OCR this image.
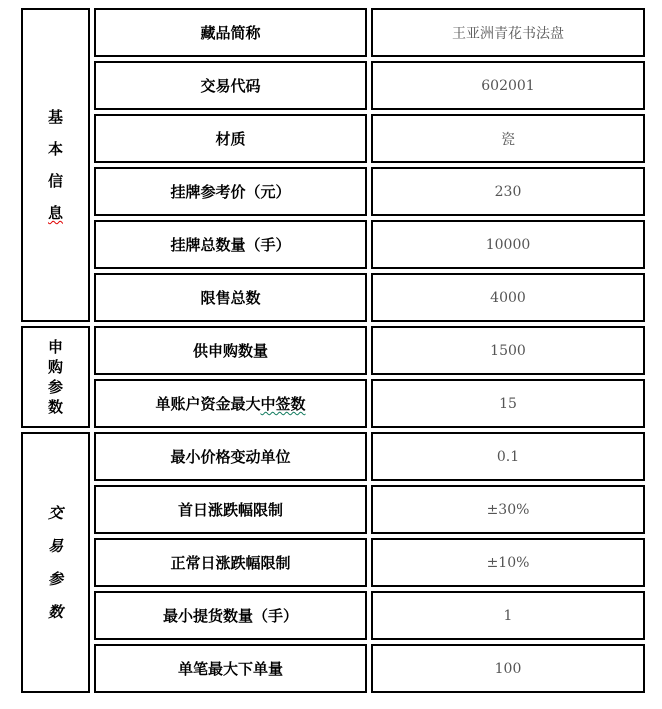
基本信息	藏品简称	王亚洲青花书法盘
	交易代码	602001
	材质	瓷
	挂牌参考价（元）	230
	挂牌总数量（手）	10000
	限售总数	4000

申购参数	供申购数量	1500
	单账户资金最大中签数	15

交易参数	最小价格变动单位	0.1
	首日涨跌幅限制	±30%
	正常日涨跌幅限制	±10%
	最小提货数量（手）	1
	单笔最大下单量	100
